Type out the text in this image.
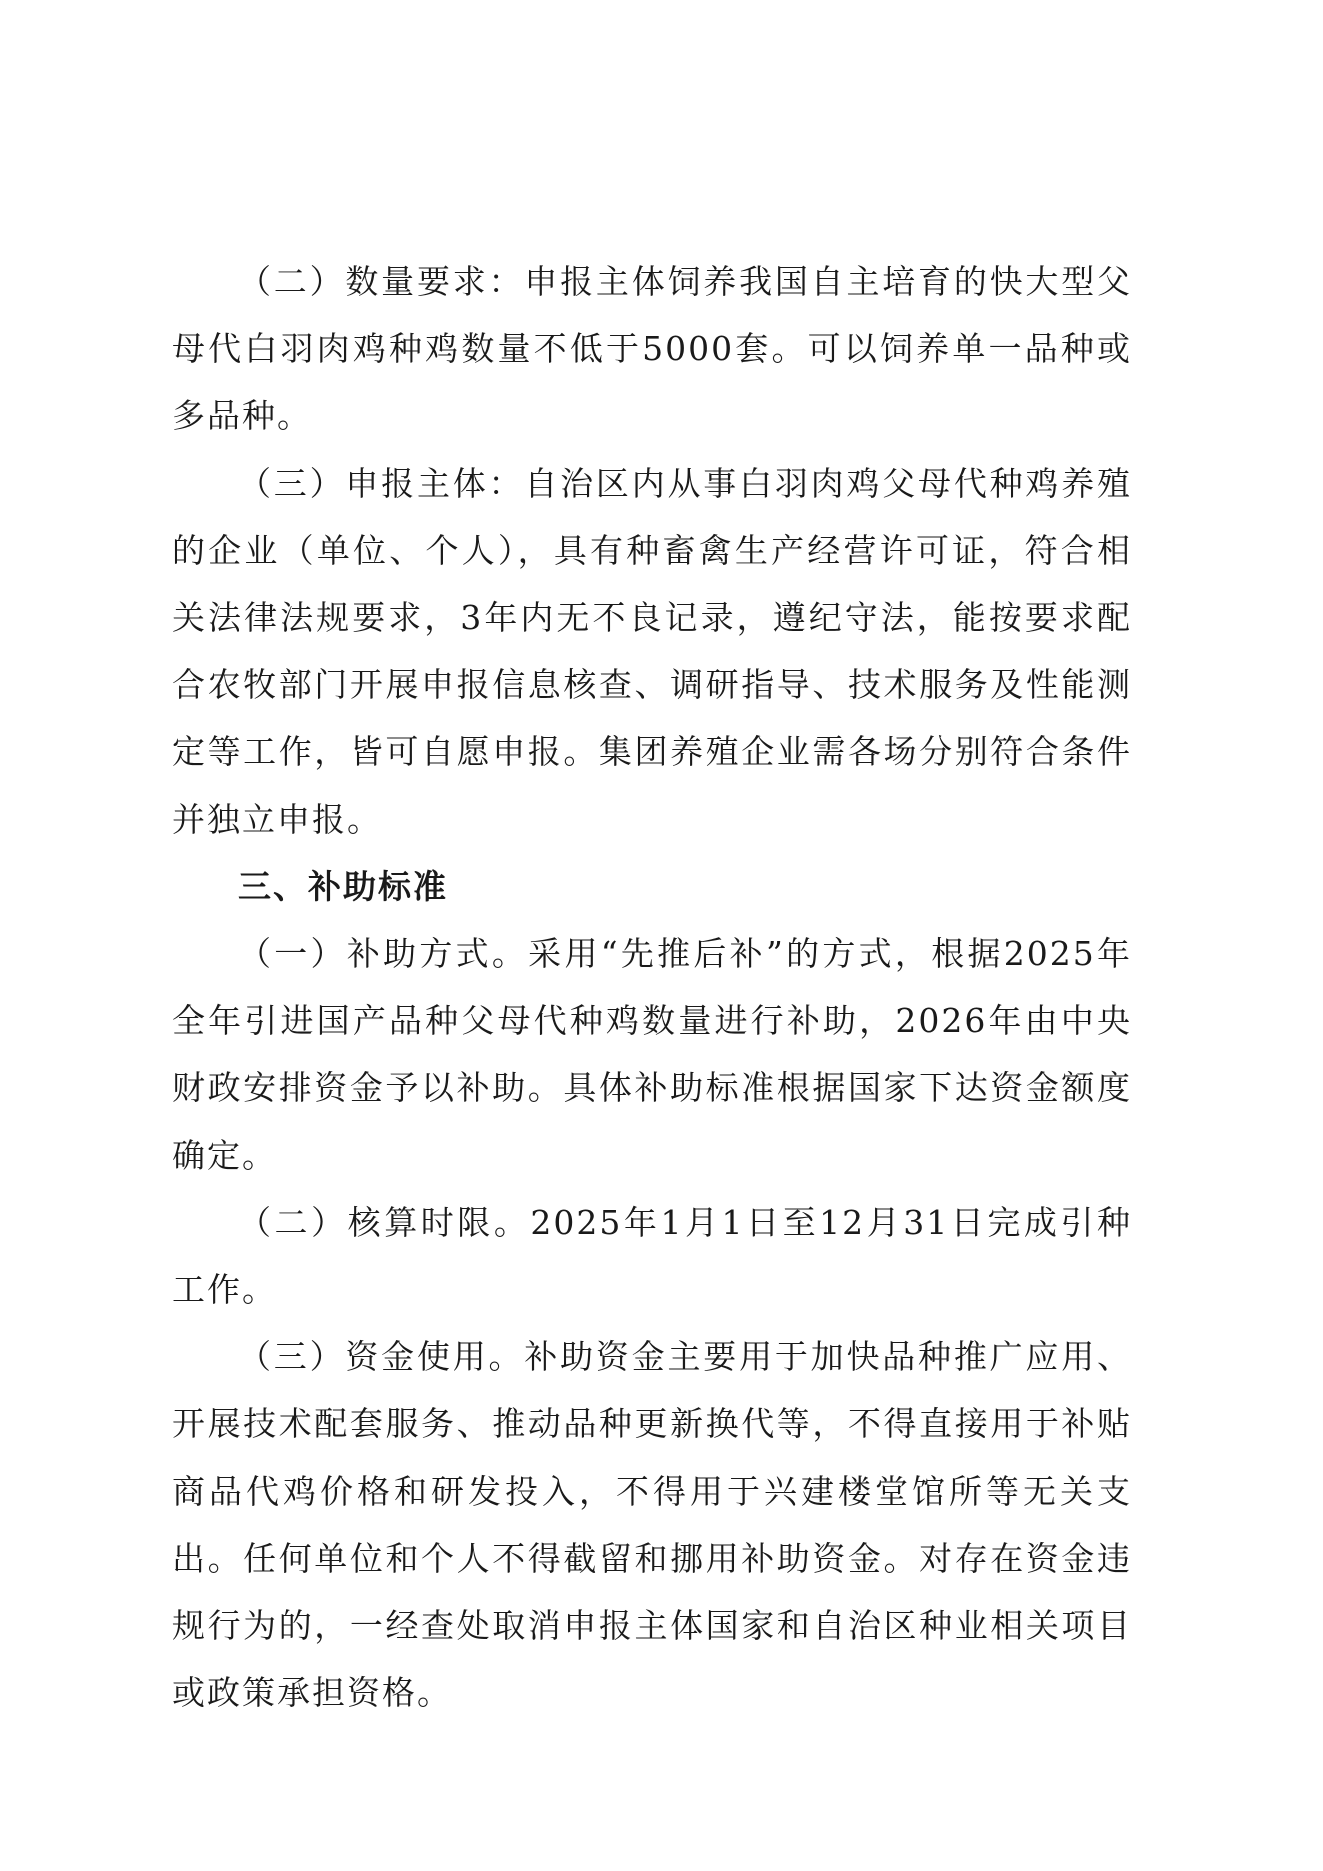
（二）数量要求：申报主体饲养我国自主培育的快大型父母代白羽肉鸡种鸡数量不低于5000套。可以饲养单一品种或多品种。

（三）申报主体：自治区内从事白羽肉鸡父母代种鸡养殖的企业（单位、个人），具有种畜禽生产经营许可证，符合相关法律法规要求，3年内无不良记录，遵纪守法，能按要求配合农牧部门开展申报信息核查、调研指导、技术服务及性能测定等工作，皆可自愿申报。集团养殖企业需各场分别符合条件并独立申报。

三、补助标准

（一）补助方式。采用“先推后补”的方式，根据2025年全年引进国产品种父母代种鸡数量进行补助，2026年由中央财政安排资金予以补助。具体补助标准根据国家下达资金额度确定。

（二）核算时限。2025年1月1日至12月31日完成引种工作。

（三）资金使用。补助资金主要用于加快品种推广应用、开展技术配套服务、推动品种更新换代等，不得直接用于补贴商品代鸡价格和研发投入，不得用于兴建楼堂馆所等无关支出。任何单位和个人不得截留和挪用补助资金。对存在资金违规行为的，一经查处取消申报主体国家和自治区种业相关项目或政策承担资格。
